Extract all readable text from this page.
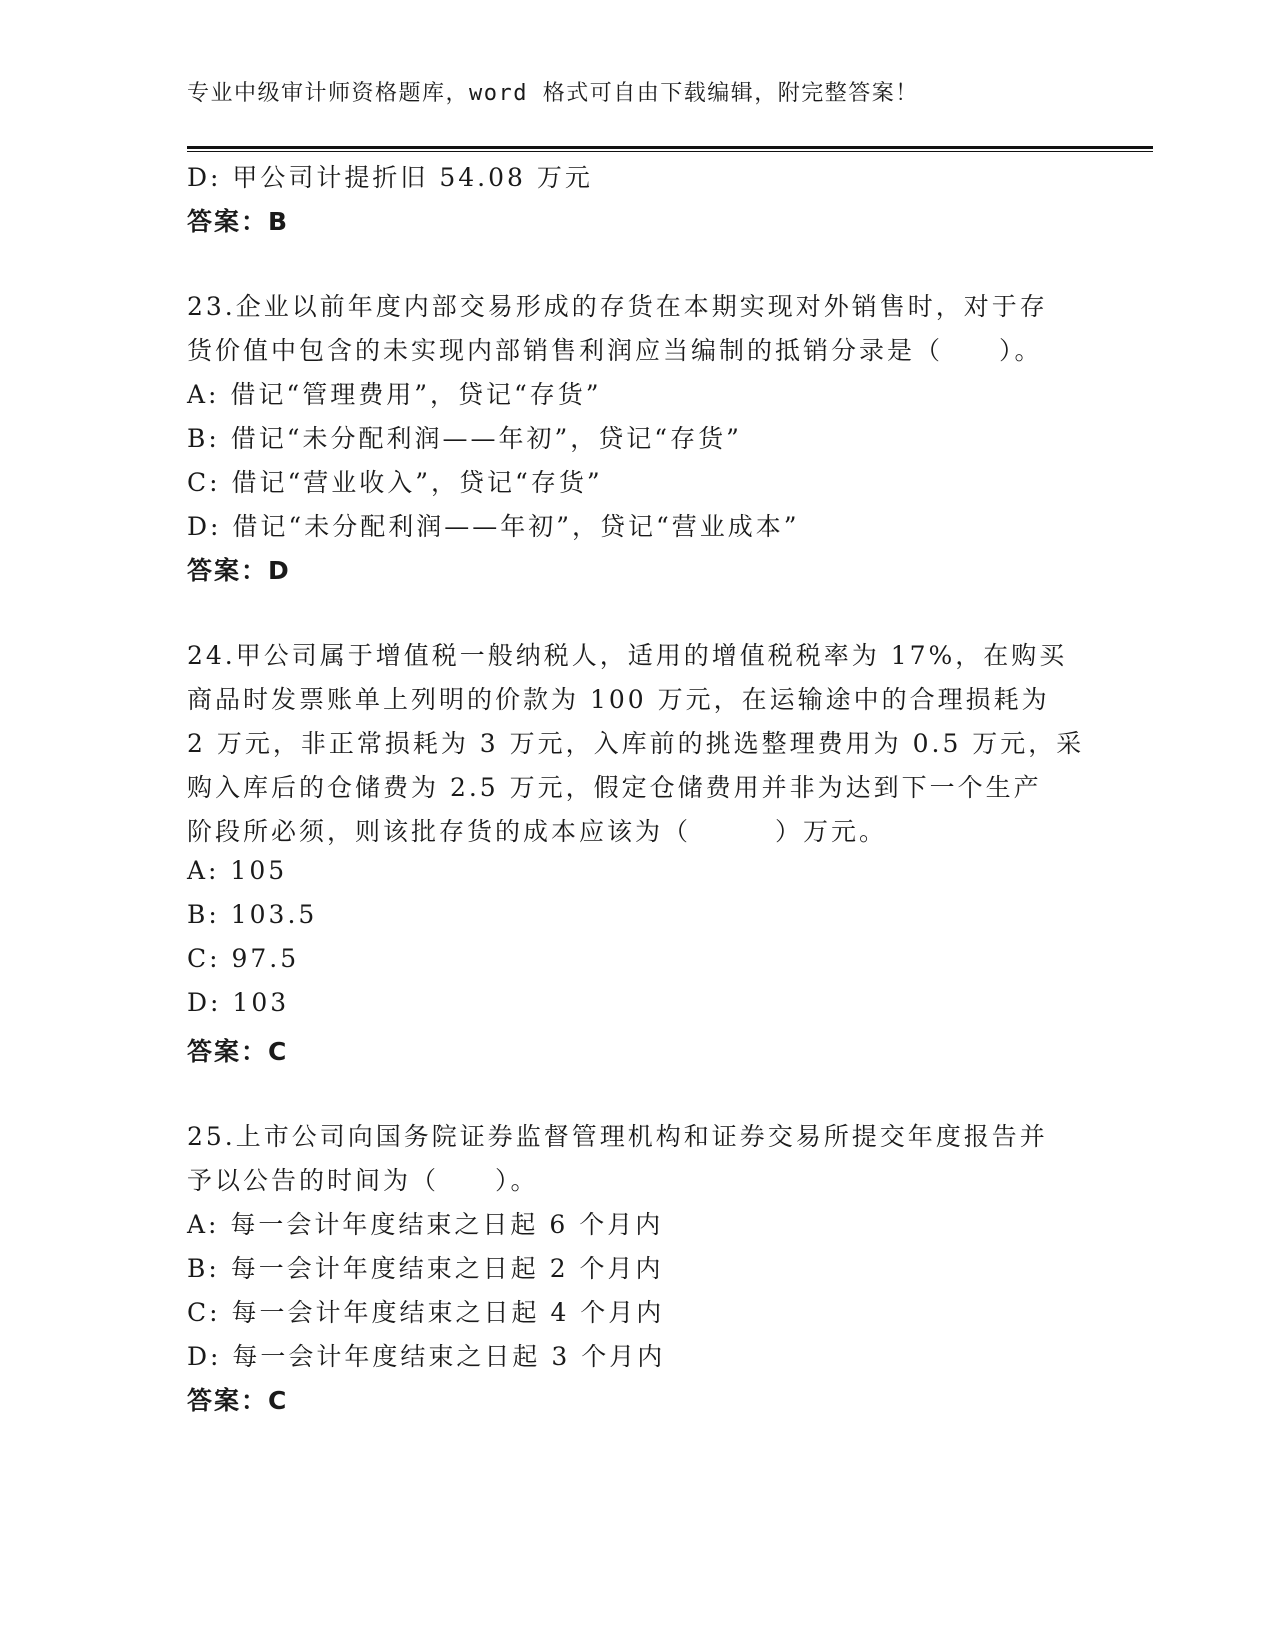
专业中级审计师资格题库，word 格式可自由下载编辑，附完整答案！
D: 甲公司计提折旧 54.08 万元
答案：B
23.企业以前年度内部交易形成的存货在本期实现对外销售时，对于存
货价值中包含的未实现内部销售利润应当编制的抵销分录是（　　）。
A: 借记“管理费用”，贷记“存货”
B: 借记“未分配利润——年初”，贷记“存货”
C: 借记“营业收入”，贷记“存货”
D: 借记“未分配利润——年初”，贷记“营业成本”
答案：D
24.甲公司属于增值税一般纳税人，适用的增值税税率为 17%，在购买
商品时发票账单上列明的价款为 100 万元，在运输途中的合理损耗为
2 万元，非正常损耗为 3 万元，入库前的挑选整理费用为 0.5 万元，采
购入库后的仓储费为 2.5 万元，假定仓储费用并非为达到下一个生产
阶段所必须，则该批存货的成本应该为（　　　）万元。
A: 105
B: 103.5
C: 97.5
D: 103
答案：C
25.上市公司向国务院证券监督管理机构和证券交易所提交年度报告并
予以公告的时间为（　　）。
A: 每一会计年度结束之日起 6 个月内
B: 每一会计年度结束之日起 2 个月内
C: 每一会计年度结束之日起 4 个月内
D: 每一会计年度结束之日起 3 个月内
答案：C
